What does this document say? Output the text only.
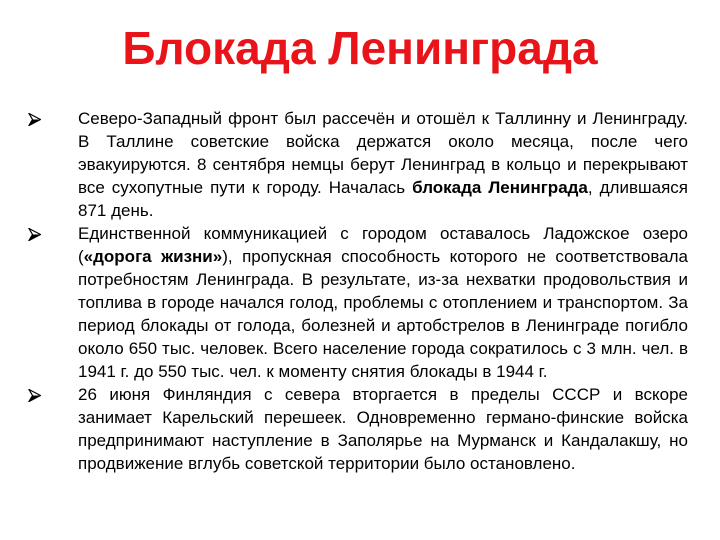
Блокада Ленинграда
Северо-Западный фронт был рассечён и отошёл к Таллинну и Ленинграду. В Таллине советские войска держатся около месяца, после чего эвакуируются. 8 сентября немцы берут Ленинград в кольцо и перекрывают все сухопутные пути к городу. Началась блокада Ленинграда, длившаяся 871 день.
Единственной коммуникацией с городом оставалось Ладожское озеро («дорога жизни»), пропускная способность которого не соответствовала потребностям Ленинграда. В результате, из-за нехватки продовольствия и топлива в городе начался голод, проблемы с отоплением и транспортом. За период блокады от голода, болезней и артобстрелов в Ленинграде погибло около 650 тыс. человек. Всего население города сократилось с 3 млн. чел. в 1941 г. до 550 тыс. чел. к моменту снятия блокады в 1944 г.
26 июня Финляндия с севера вторгается в пределы СССР и вскоре занимает Карельский перешеек. Одновременно германо-финские войска предпринимают наступление в Заполярье на Мурманск и Кандалакшу, но продвижение вглубь советской территории было остановлено.
